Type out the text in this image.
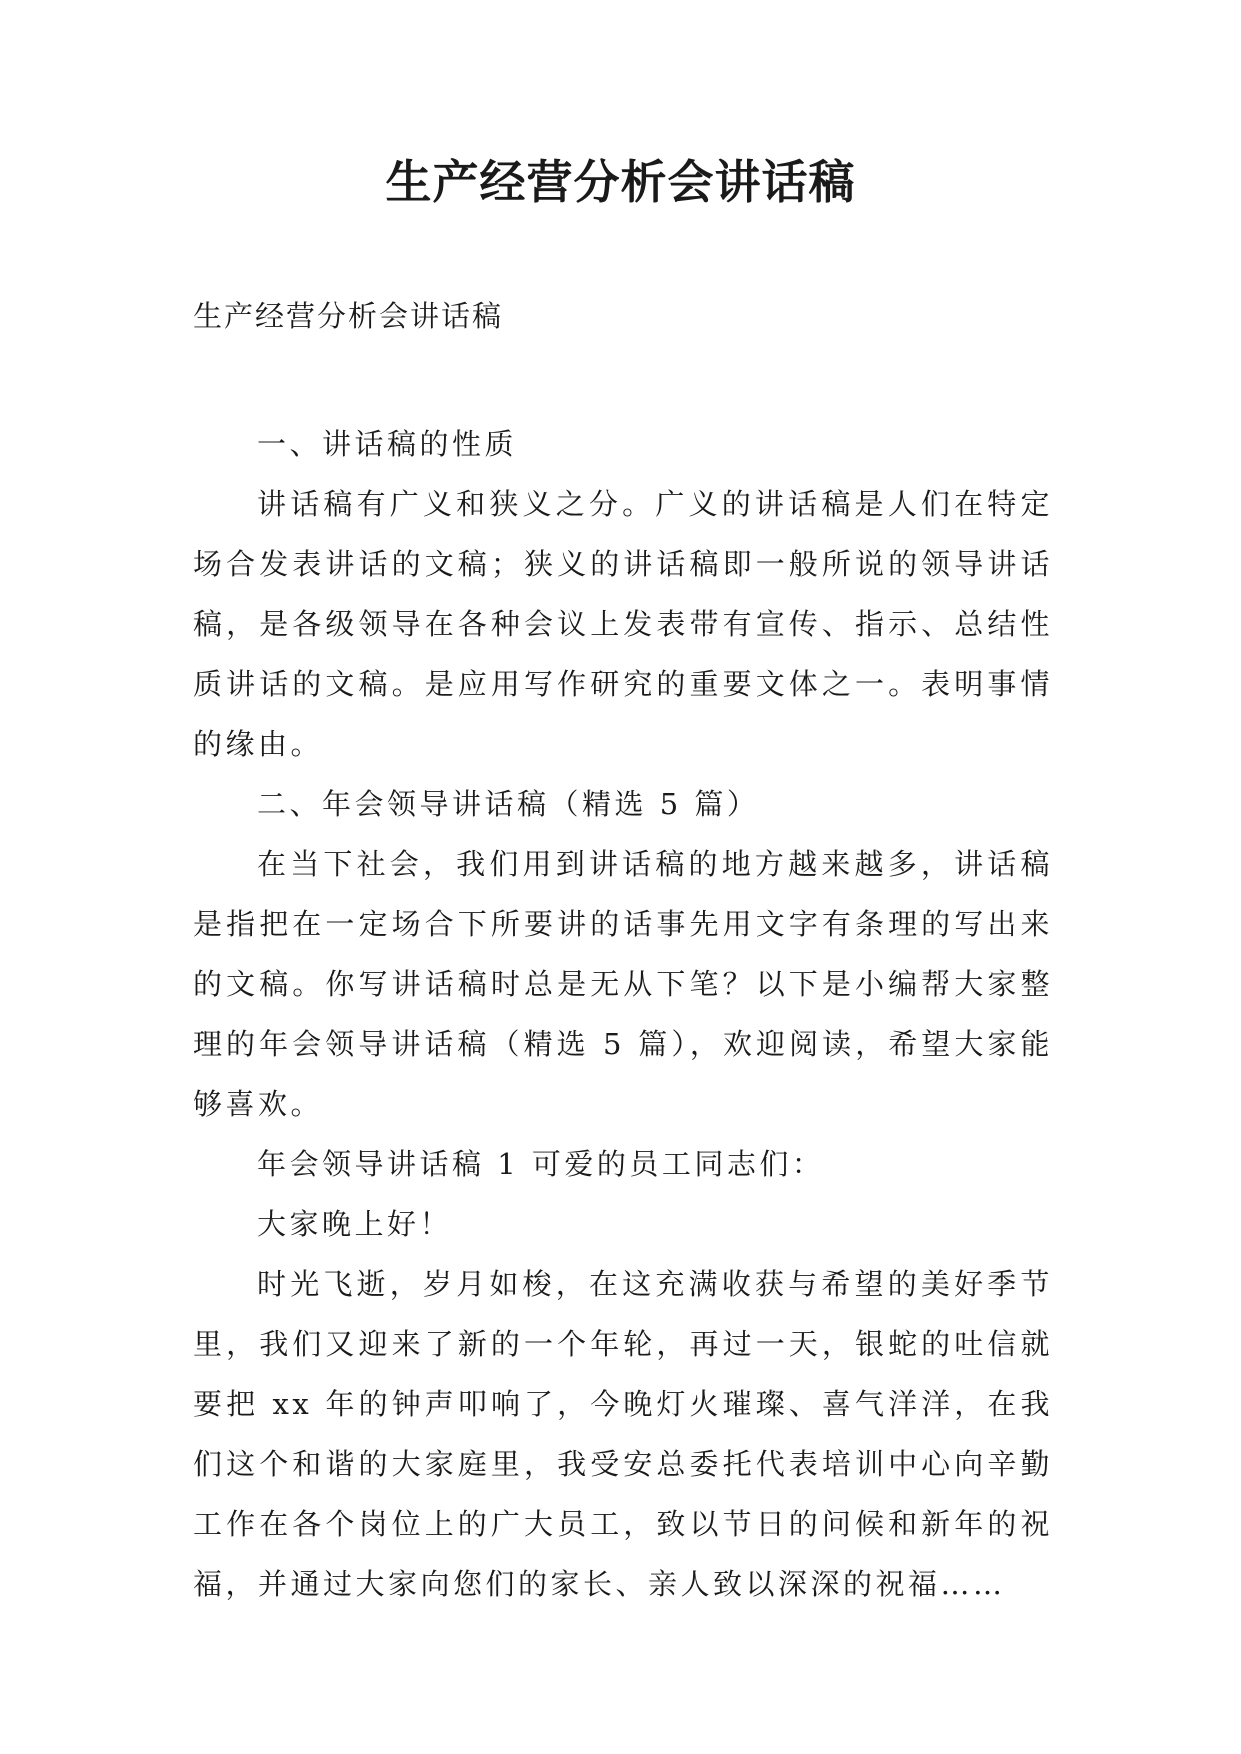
生产经营分析会讲话稿

生产经营分析会讲话稿

一、讲话稿的性质

讲话稿有广义和狭义之分。广义的讲话稿是人们在特定场合发表讲话的文稿；狭义的讲话稿即一般所说的领导讲话稿，是各级领导在各种会议上发表带有宣传、指示、总结性质讲话的文稿。是应用写作研究的重要文体之一。表明事情的缘由。

二、年会领导讲话稿（精选 5 篇）

在当下社会，我们用到讲话稿的地方越来越多，讲话稿是指把在一定场合下所要讲的话事先用文字有条理的写出来的文稿。你写讲话稿时总是无从下笔？以下是小编帮大家整理的年会领导讲话稿（精选 5 篇），欢迎阅读，希望大家能够喜欢。

年会领导讲话稿 1 可爱的员工同志们：

大家晚上好！

时光飞逝，岁月如梭，在这充满收获与希望的美好季节里，我们又迎来了新的一个年轮，再过一天，银蛇的吐信就要把 xx 年的钟声叩响了，今晚灯火璀璨、喜气洋洋，在我们这个和谐的大家庭里，我受安总委托代表培训中心向辛勤工作在各个岗位上的广大员工，致以节日的问候和新年的祝福，并通过大家向您们的家长、亲人致以深深的祝福……
